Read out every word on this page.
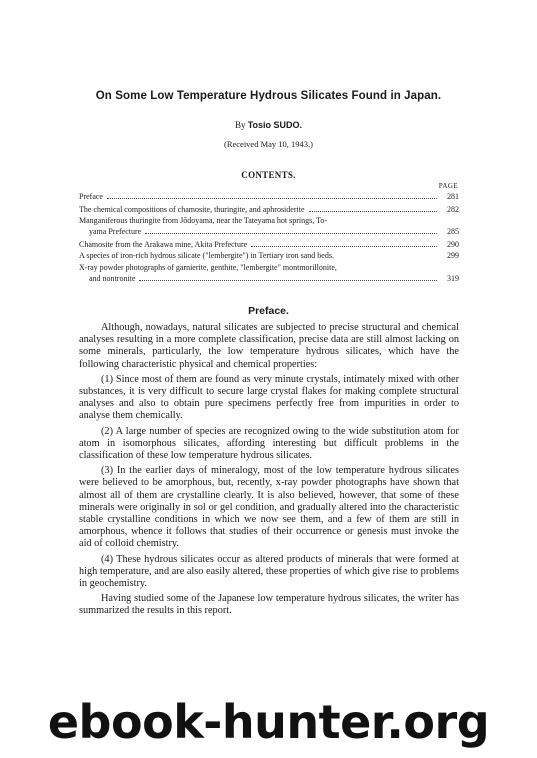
On Some Low Temperature Hydrous Silicates Found in Japan.
By Tosio SUDO.
(Received May 10, 1943.)
CONTENTS.
PAGE
Preface	281
The chemical compositions of chamosite, thuringite, and aphrosiderite	282
Manganiferous thuringite from Jōdoyama, near the Tateyama hot springs, To-
yama Prefecture	285
Chamosite from the Arakawa mine, Akita Prefecture	290
A species of iron-rich hydrous silicate ("lembergite") in Tertiary iron sand beds.	299
X-ray powder photographs of garnierite, genthite, "lembergite" montmorillonite,
and nontronite	319
Preface.

Although, nowadays, natural silicates are subjected to precise structural and chemical analyses resulting in a more complete classification, precise data are still almost lacking on some minerals, particularly, the low temperature hydrous silicates, which have the following characteristic physical and chemical properties:

(1) Since most of them are found as very minute crystals, intimately mixed with other substances, it is very difficult to secure large crystal flakes for making complete structural analyses and also to obtain pure specimens perfectly free from impurities in order to analyse them chemically.

(2) A large number of species are recognized owing to the wide substitution atom for atom in isomorphous silicates, affording interesting but difficult problems in the classification of these low temperature hydrous silicates.

(3) In the earlier days of mineralogy, most of the low temperature hydrous silicates were believed to be amorphous, but, recently, x-ray powder photographs have shown that almost all of them are crystalline clearly. It is also believed, however, that some of these minerals were originally in sol or gel condition, and gradually altered into the characteristic stable crystalline conditions in which we now see them, and a few of them are still in amorphous, whence it follows that studies of their occurrence or genesis must invoke the aid of colloid chemistry.

(4) These hydrous silicates occur as altered products of minerals that were formed at high temperature, and are also easily altered, these properties of which give rise to problems in geochemistry.

Having studied some of the Japanese low temperature hydrous silicates, the writer has summarized the results in this report.

ebook-hunter.org
